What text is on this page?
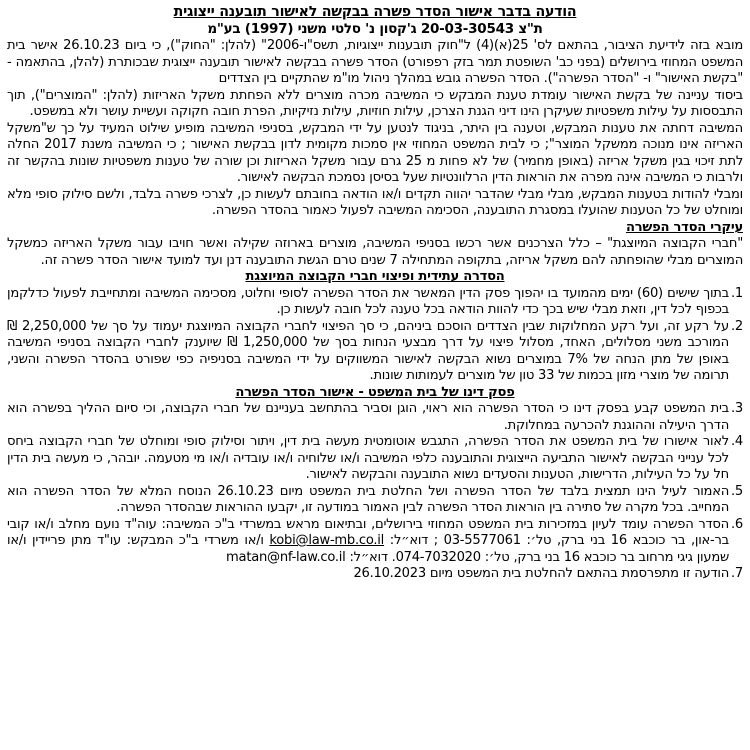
הודעה בדבר אישור הסדר פשרה בבקשה לאישור תובענה ייצוגית
ת"צ 20-03-30543 ג'קסון נ' סלטי משני (1997) בע"מ

מובא בזה לידיעת הציבור, בהתאם לס' 25(א)(4) ל"חוק תובענות ייצוגיות, תשס"ו-2006" (להלן: "החוק"), כי ביום 26.10.23 אישר בית המשפט המחוזי בירושלים (בפני כב' השופטת תמר בזק רפפורט) הסדר פשרה בבקשה לאישור תובענה ייצוגית שבכותרת (להלן, בהתאמה - "בקשת האישור" ו- "הסדר הפשרה"). הסדר הפשרה גובש במהלך ניהול מו"מ שהתקיים בין הצדדים

ביסוד עניינה של בקשת האישור עומדת טענת המבקש כי המשיבה מכרה מוצרים ללא הפחתת משקל האריזות (להלן: "המוצרים"), תוך התבססות על עילות משפטיות שעיקרן הינו דיני הגנת הצרכן, עילות חוזיות, עילות נזיקיות, הפרת חובה חקוקה ועשיית עושר ולא במשפט.

המשיבה דחתה את טענות המבקש, וטענה בין היתר, בניגוד לנטען על ידי המבקש, בסניפי המשיבה מופיע שילוט המעיד על כך ש"משקל האריזה אינו מנוכה ממשקל המוצר"; כי לבית המשפט המחוזי אין סמכות מקומית לדון בבקשת האישור ; כי המשיבה משנת 2017 החלה לתת זיכוי בגין משקל אריזה (באופן מחמיר) של לא פחות מ 25 גרם עבור משקל האריזות וכן שורה של טענות משפטיות שונות בהקשר זה ולרבות כי המשיבה אינה מפרה את הוראות הדין הרלוונטיות שעל בסיסן נסמכת הבקשה לאישור.

ומבלי להודות בטענות המבקש, מבלי מבלי שהדבר יהווה תקדים ו/או הודאה בחובתם לעשות כן, לצרכי פשרה בלבד, ולשם סילוק סופי מלא ומוחלט של כל הטענות שהועלו במסגרת התובענה, הסכימה המשיבה לפעול כאמור בהסדר הפשרה.

עיקרי הסדר הפשרה

"חברי הקבוצה המיוצגת" – כלל הצרכנים אשר רכשו בסניפי המשיבה, מוצרים בארוזה שקילה ואשר חויבו עבור משקל האריזה כמשקל המוצרים מבלי שהופחתה להם משקל אריזה, בתקופה המתחילה 7 שנים טרם הגשת התובענה דנן ועד למועד אישור הסדר פשרה זה.

הסדרה עתידית ופיצוי חברי הקבוצה המיוצגת
1.
בתוך שישים (60) ימים מהמועד בו יהפוך פסק הדין המאשר את הסדר הפשרה לסופי וחלוט, מסכימה המשיבה ומתחייבת לפעול כדלקמן בכפוף לכל דין, וזאת מבלי שיש בכך כדי להוות הודאה בכל טענה לכל חובה לעשות כן.
2.
על רקע זה, ועל רקע המחלוקות שבין הצדדים הוסכם ביניהם, כי סך הפיצוי לחברי הקבוצה המיוצגת יעמוד על סך של 2,250,000 ₪ המורכב משני מסלולים, האחד, מסלול פיצוי על דרך מבצעי הנחות בסך של 1,250,000 ₪ שיוענק לחברי הקבוצה בסניפי המשיבה באופן של מתן הנחה של 7% במוצרים נשוא הבקשה לאישור המשווקים על ידי המשיבה בסניפיה כפי שפורט בהסדר הפשרה והשני, תרומה של מוצרי מזון בכמות של 33 טון של מוצרים לעמותות שונות.
פסק דינו של בית המשפט - אישור הסדר הפשרה
3.
בית המשפט קבע בפסק דינו כי הסדר הפשרה הוא ראוי, הוגן וסביר בהתחשב בעניינם של חברי הקבוצה, וכי סיום ההליך בפשרה הוא הדרך היעילה וההוגנת להכרעה במחלוקת.
4.
לאור אישורו של בית המשפט את הסדר הפשרה, התגבש אוטומטית מעשה בית דין, ויתור וסילוק סופי ומוחלט של חברי הקבוצה ביחס לכל ענייני הבקשה לאישור התביעה הייצוגית והתובענה כלפי המשיבה ו/או שלוחיה ו/או עובדיה ו/או מי מטעמה. יובהר, כי מעשה בית הדין חל על כל העילות, הדרישות, הטענות והסעדים נשוא התובענה והבקשה לאישור.
5.
האמור לעיל הינו תמצית בלבד של הסדר הפשרה ושל החלטת בית המשפט מיום 26.10.23 הנוסח המלא של הסדר הפשרה הוא המחייב. בכל מקרה של סתירה בין הוראות הסדר הפשרה לבין האמור במודעה זו, יקבעו ההוראות שבהסדר הפשרה.
6.
הסדר הפשרה עומד לעיון במזכירות בית המשפט המחוזי בירושלים, ובתיאום מראש במשרדי ב"כ המשיבה: עוה"ד נועם מחלב ו/או קובי בר-און, בר כוכבא 16 בני ברק, טל׳: 03-5577061 ; דוא״ל: kobi@law-mb.co.il ו/או משרדי ב"כ המבקש: עו"ד מתן פריידין ו/או שמעון גיגי מרחוב בר כוכבא 16 בני ברק, טל׳: 074-7032020. דוא״ל: matan@nf-law.co.il
7.
הודעה זו מתפרסמת בהתאם להחלטת בית המשפט מיום 26.10.2023
